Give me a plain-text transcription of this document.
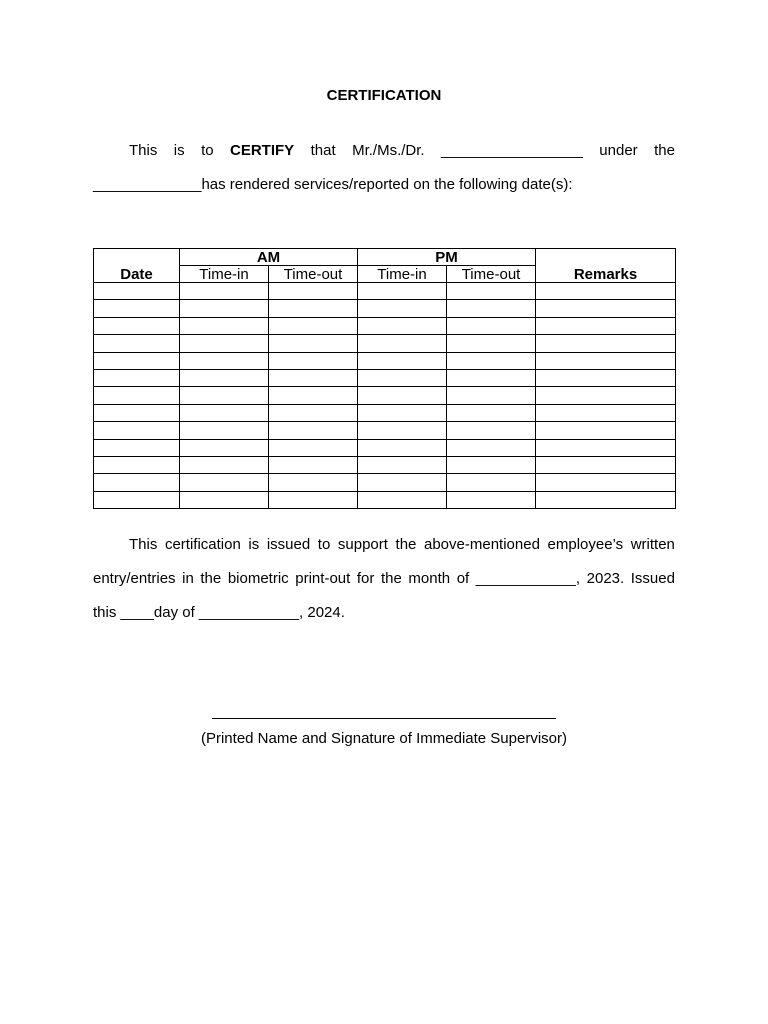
CERTIFICATION
This is to CERTIFY that Mr./Ms./Dr. _________________ under the
_____________has rendered services/reported on the following date(s):
Date	AM		PM		Remarks
	Time-in	Time-out	Time-in	Time-out	

This certification is issued to support the above-mentioned employee’s written
entry/entries in the biometric print-out for the month of ____________, 2023. Issued
this ____day of ____________, 2024.
(Printed Name and Signature of Immediate Supervisor)
